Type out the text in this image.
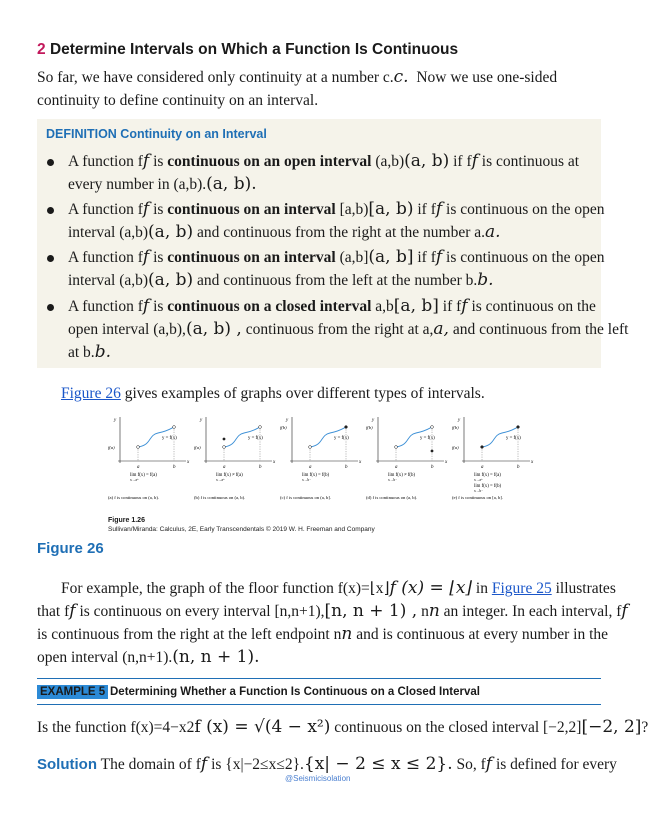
2 Determine Intervals on Which a Function Is Continuous
So far, we have considered only continuity at a number c.c. Now we use one-sided
continuity to define continuity on an interval.
DEFINITION Continuity on an Interval
A function ff is continuous on an open interval (a,b)(a, b) if ff is continuous at
every number in (a,b).(a, b).
A function ff is continuous on an interval [a,b)[a, b) if ff is continuous on the open
interval (a,b)(a, b) and continuous from the right at the number a.a.
A function ff is continuous on an interval (a,b](a, b] if ff is continuous on the open
interval (a,b)(a, b) and continuous from the left at the number b.b.
A function ff is continuous on a closed interval a,b[a, b] if ff is continuous on the
open interval (a,b),(a, b) , continuous from the right at a,a, and continuous from the left
at b.b.
Figure 26 gives examples of graphs over different types of intervals.
y
x
a	b
y = f(x)
f(a)
lim f(x) = f(a)
x→a⁺
(a) f is continuous on (a, b).
y
x
a	b
y = f(x)
f(a)
lim f(x) ≠ f(a)
x→a⁺
(b) f is continuous on (a, b).
y
x
a	b
y = f(x)
f(b)
lim f(x) = f(b)
x→b⁻
(c) f is continuous on (a, b].
y
x
a	b
y = f(x)
f(b)
lim f(x) ≠ f(b)
x→b⁻
(d) f is continuous on (a, b).
y
x
a	b
y = f(x)
f(a)
f(b)
lim f(x) = f(a)
x→a⁺
lim f(x) = f(b)
x→b⁻
(e) f is continuous on [a, b].
Figure 1.26
Sullivan/Miranda: Calculus, 2E, Early Transcendentals © 2019 W. H. Freeman and Company
Figure 26
For example, the graph of the floor function f(x)=⌊x⌋f (x) = ⌊x⌋ in Figure 25 illustrates
that ff is continuous on every interval [n,n+1),[n, n + 1) , nn an integer. In each interval, ff
is continuous from the right at the left endpoint nn and is continuous at every number in the
open interval (n,n+1).(n, n + 1).
EXAMPLE 5 Determining Whether a Function Is Continuous on a Closed Interval
Is the function f(x)=4−x2f (x) = √(4 − x²) continuous on the closed interval [−2,2][−2, 2]?
Solution The domain of ff is {x|−2≤x≤2}.{x| − 2 ≤ x ≤ 2}. So, ff is defined for every
@Seismicisolation
